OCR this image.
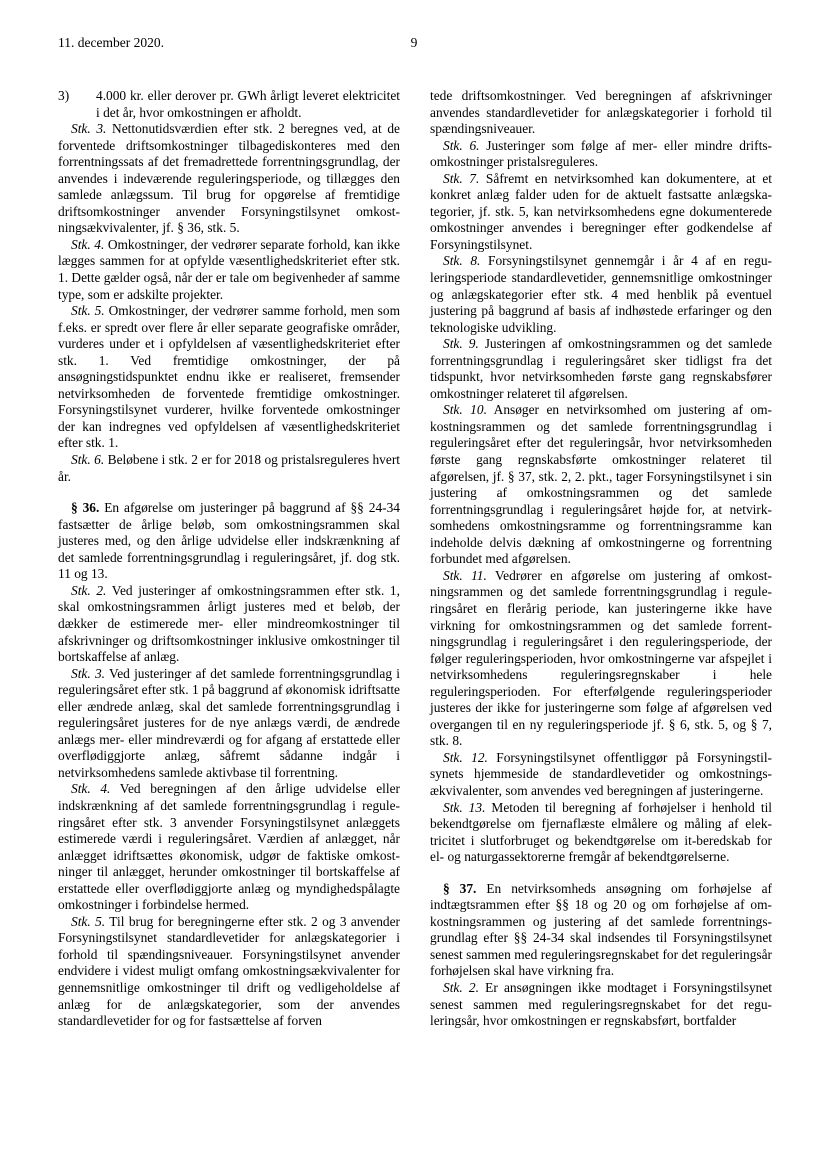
11. december 2020.	9

3) 4.000 kr. eller derover pr. GWh årligt leveret elektricitet i det år, hvor omkostningen er afholdt.

Stk. 3. Nettonutidsværdien efter stk. 2 beregnes ved, at de forventede driftsomkostninger tilbagediskonteres med den forrentningssats af det fremadrettede forrentningsgrundlag, der anvendes i indeværende reguleringsperiode, og tillægges den samlede anlægssum. Til brug for opgørelse af fremtidige driftsomkostninger anvender Forsyningstilsynet omkostningsækvivalenter, jf. § 36, stk. 5.

Stk. 4. Omkostninger, der vedrører separate forhold, kan ikke lægges sammen for at opfylde væsentlighedskriteriet efter stk. 1. Dette gælder også, når der er tale om begivenheder af samme type, som er adskilte projekter.

Stk. 5. Omkostninger, der vedrører samme forhold, men som f.eks. er spredt over flere år eller separate geografiske områder, vurderes under et i opfyldelsen af væsentlighedskriteriet efter stk. 1. Ved fremtidige omkostninger, der på ansøgningstidspunktet endnu ikke er realiseret, fremsender netvirksomheden de forventede fremtidige omkostninger. Forsyningstilsynet vurderer, hvilke forventede omkostninger der kan indregnes ved opfyldelsen af væsentlighedskriteriet efter stk. 1.

Stk. 6. Beløbene i stk. 2 er for 2018 og pristalsreguleres hvert år.

§ 36. En afgørelse om justeringer på baggrund af §§ 24-34 fastsætter de årlige beløb, som omkostningsrammen skal justeres med, og den årlige udvidelse eller indskrænkning af det samlede forrentningsgrundlag i reguleringsåret, jf. dog stk. 11 og 13.

Stk. 2. Ved justeringer af omkostningsrammen efter stk. 1, skal omkostningsrammen årligt justeres med et beløb, der dækker de estimerede mer- eller mindreomkostninger til afskrivninger og driftsomkostninger inklusive omkostninger til bortskaffelse af anlæg.

Stk. 3. Ved justeringer af det samlede forrentningsgrundlag i reguleringsåret efter stk. 1 på baggrund af økonomisk idriftsatte eller ændrede anlæg, skal det samlede forrentningsgrundlag i reguleringsåret justeres for de nye anlægs værdi, de ændrede anlægs mer- eller mindreværdi og for afgang af erstattede eller overflødiggjorte anlæg, såfremt sådanne indgår i netvirksomhedens samlede aktivbase til forrentning.

Stk. 4. Ved beregningen af den årlige udvidelse eller indskrænkning af det samlede forrentningsgrundlag i reguleringsåret efter stk. 3 anvender Forsyningstilsynet anlæggets estimerede værdi i reguleringsåret. Værdien af anlægget, når anlægget idriftsættes økonomisk, udgør de faktiske omkostninger til anlægget, herunder omkostninger til bortskaffelse af erstattede eller overflødiggjorte anlæg og myndighedspålagte omkostninger i forbindelse hermed.

Stk. 5. Til brug for beregningerne efter stk. 2 og 3 anvender Forsyningstilsynet standardlevetider for anlægskategorier i forhold til spændingsniveauer. Forsyningstilsynet anvender endvidere i videst muligt omfang omkostningsækvivalenter for gennemsnitlige omkostninger til drift og vedligeholdelse af anlæg for de anlægskategorier, som der anvendes standardlevetider for og for fastsættelse af forven

tede driftsomkostninger. Ved beregningen af afskrivninger anvendes standardlevetider for anlægskategorier i forhold til spændingsniveauer.

Stk. 6. Justeringer som følge af mer- eller mindre driftsomkostninger pristalsreguleres.

Stk. 7. Såfremt en netvirksomhed kan dokumentere, at et konkret anlæg falder uden for de aktuelt fastsatte anlægskategorier, jf. stk. 5, kan netvirksomhedens egne dokumenterede omkostninger anvendes i beregninger efter godkendelse af Forsyningstilsynet.

Stk. 8. Forsyningstilsynet gennemgår i år 4 af en reguleringsperiode standardlevetider, gennemsnitlige omkostninger og anlægskategorier efter stk. 4 med henblik på eventuel justering på baggrund af basis af indhøstede erfaringer og den teknologiske udvikling.

Stk. 9. Justeringen af omkostningsrammen og det samlede forrentningsgrundlag i reguleringsåret sker tidligst fra det tidspunkt, hvor netvirksomheden første gang regnskabsfører omkostninger relateret til afgørelsen.

Stk. 10. Ansøger en netvirksomhed om justering af omkostningsrammen og det samlede forrentningsgrundlag i reguleringsåret efter det reguleringsår, hvor netvirksomheden første gang regnskabsførte omkostninger relateret til afgørelsen, jf. § 37, stk. 2, 2. pkt., tager Forsyningstilsynet i sin justering af omkostningsrammen og det samlede forrentningsgrundlag i reguleringsåret højde for, at netvirksomhedens omkostningsramme og forrentningsramme kan indeholde delvis dækning af omkostningerne og forrentning forbundet med afgørelsen.

Stk. 11. Vedrører en afgørelse om justering af omkostningsrammen og det samlede forrentningsgrundlag i reguleringsåret en flerårig periode, kan justeringerne ikke have virkning for omkostningsrammen og det samlede forrentningsgrundlag i reguleringsåret i den reguleringsperiode, der følger reguleringsperioden, hvor omkostningerne var afspejlet i netvirksomhedens reguleringsregnskaber i hele reguleringsperioden. For efterfølgende reguleringsperioder justeres der ikke for justeringerne som følge af afgørelsen ved overgangen til en ny reguleringsperiode jf. § 6, stk. 5, og § 7, stk. 8.

Stk. 12. Forsyningstilsynet offentliggør på Forsyningstilsynets hjemmeside de standardlevetider og omkostningsækvivalenter, som anvendes ved beregningen af justeringerne.

Stk. 13. Metoden til beregning af forhøjelser i henhold til bekendtgørelse om fjernaflæste elmålere og måling af elektricitet i slutforbruget og bekendtgørelse om it-beredskab for el- og naturgassektorerne fremgår af bekendtgørelserne.

§ 37. En netvirksomheds ansøgning om forhøjelse af indtægtsrammen efter §§ 18 og 20 og om forhøjelse af omkostningsrammen og justering af det samlede forrentningsgrundlag efter §§ 24-34 skal indsendes til Forsyningstilsynet senest sammen med reguleringsregnskabet for det reguleringsår forhøjelsen skal have virkning fra.

Stk. 2. Er ansøgningen ikke modtaget i Forsyningstilsynet senest sammen med reguleringsregnskabet for det reguleringsår, hvor omkostningen er regnskabsført, bortfalder
